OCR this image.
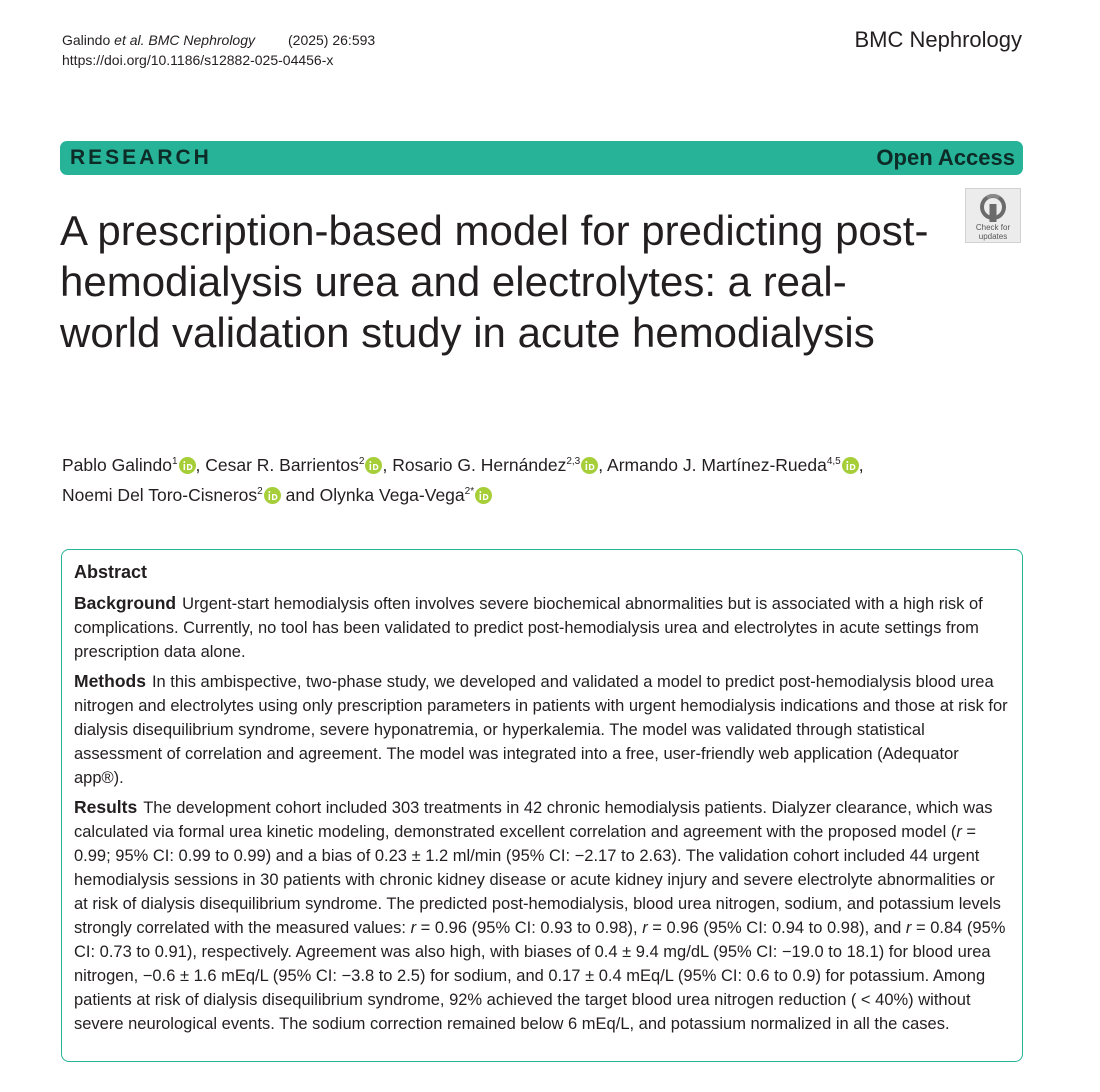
Galindo et al. BMC Nephrology (2025) 26:593
https://doi.org/10.1186/s12882-025-04456-x
BMC Nephrology
RESEARCH	Open Access
Check for
updates
A prescription-based model for predicting post-hemodialysis urea and electrolytes: a real-world validation study in acute hemodialysis
Pablo Galindo$^1$ , Cesar R. Barrientos$^2$ , Rosario G. Hernández$^{2,3}$ , Armando J. Martínez-Rueda$^{4,5}$ ,
Noemi Del Toro-Cisneros$^2$ and Olynka Vega-Vega$^{2*}$
Abstract

Background Urgent-start hemodialysis often involves severe biochemical abnormalities but is associated with a high risk of complications. Currently, no tool has been validated to predict post-hemodialysis urea and electrolytes in acute settings from prescription data alone.

Methods In this ambispective, two-phase study, we developed and validated a model to predict post-hemodialysis blood urea nitrogen and electrolytes using only prescription parameters in patients with urgent hemodialysis indications and those at risk for dialysis disequilibrium syndrome, severe hyponatremia, or hyperkalemia. The model was validated through statistical assessment of correlation and agreement. The model was integrated into a free, user-friendly web application (Adequator app®).

Results The development cohort included 303 treatments in 42 chronic hemodialysis patients. Dialyzer clearance, which was calculated via formal urea kinetic modeling, demonstrated excellent correlation and agreement with the proposed model (r = 0.99; 95% CI: 0.99 to 0.99) and a bias of 0.23 ± 1.2 ml/min (95% CI: −2.17 to 2.63). The validation cohort included 44 urgent hemodialysis sessions in 30 patients with chronic kidney disease or acute kidney injury and severe electrolyte abnormalities or at risk of dialysis disequilibrium syndrome. The predicted post-hemodialysis, blood urea nitrogen, sodium, and potassium levels strongly correlated with the measured values: r = 0.96 (95% CI: 0.93 to 0.98), r = 0.96 (95% CI: 0.94 to 0.98), and r = 0.84 (95% CI: 0.73 to 0.91), respectively. Agreement was also high, with biases of 0.4 ± 9.4 mg/dL (95% CI: −19.0 to 18.1) for blood urea nitrogen, −0.6 ± 1.6 mEq/L (95% CI: −3.8 to 2.5) for sodium, and 0.17 ± 0.4 mEq/L (95% CI: 0.6 to 0.9) for potassium. Among patients at risk of dialysis disequilibrium syndrome, 92% achieved the target blood urea nitrogen reduction ( < 40%) without severe neurological events. The sodium correction remained below 6 mEq/L, and potassium normalized in all the cases.
